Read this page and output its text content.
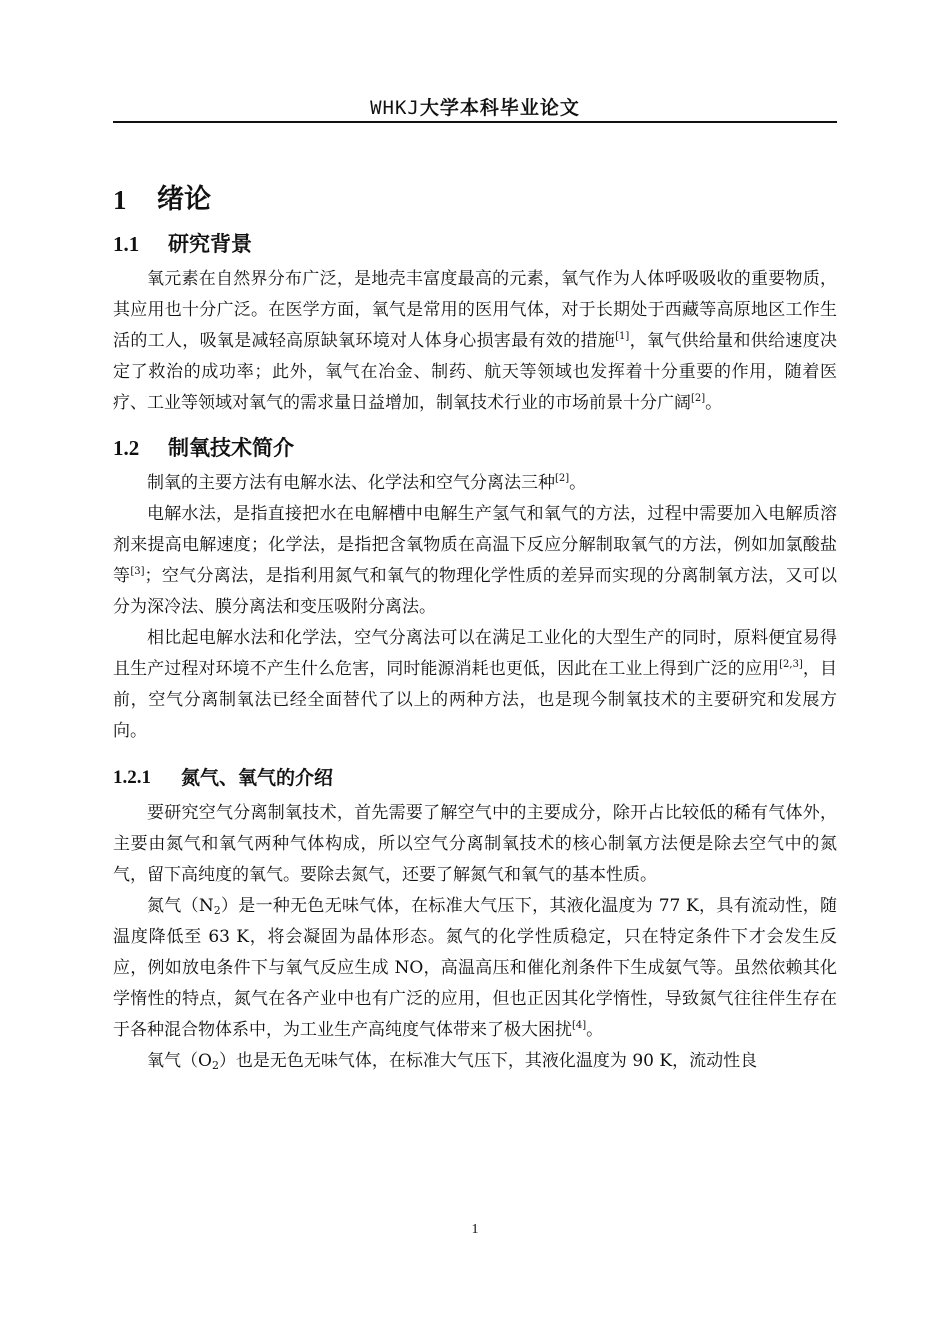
WHKJ大学本科毕业论文
1	绪论
1.1	研究背景

氧元素在自然界分布广泛，是地壳丰富度最高的元素，氧气作为人体呼吸吸收的重要物质，其应用也十分广泛。在医学方面，氧气是常用的医用气体，对于长期处于西藏等高原地区工作生活的工人，吸氧是减轻高原缺氧环境对人体身心损害最有效的措施[1]，氧气供给量和供给速度决定了救治的成功率；此外，氧气在冶金、制药、航天等领域也发挥着十分重要的作用，随着医疗、工业等领域对氧气的需求量日益增加，制氧技术行业的市场前景十分广阔[2]。

1.2	制氧技术简介

制氧的主要方法有电解水法、化学法和空气分离法三种[2]。

电解水法，是指直接把水在电解槽中电解生产氢气和氧气的方法，过程中需要加入电解质溶剂来提高电解速度；化学法，是指把含氧物质在高温下反应分解制取氧气的方法，例如加氯酸盐等[3]；空气分离法，是指利用氮气和氧气的物理化学性质的差异而实现的分离制氧方法，又可以分为深冷法、膜分离法和变压吸附分离法。

相比起电解水法和化学法，空气分离法可以在满足工业化的大型生产的同时，原料便宜易得且生产过程对环境不产生什么危害，同时能源消耗也更低，因此在工业上得到广泛的应用[2,3]，目前，空气分离制氧法已经全面替代了以上的两种方法，也是现今制氧技术的主要研究和发展方向。

1.2.1	氮气、氧气的介绍

要研究空气分离制氧技术，首先需要了解空气中的主要成分，除开占比较低的稀有气体外，主要由氮气和氧气两种气体构成，所以空气分离制氧技术的核心制氧方法便是除去空气中的氮气，留下高纯度的氧气。要除去氮气，还要了解氮气和氧气的基本性质。

氮气$(N_2)$是一种无色无味气体，在标准大气压下，其液化温度为 77 K，具有流动性，随温度降低至 63 K，将会凝固为晶体形态。氮气的化学性质稳定，只在特定条件下才会发生反应，例如放电条件下与氧气反应生成 NO，高温高压和催化剂条件下生成氨气等。虽然依赖其化学惰性的特点，氮气在各产业中也有广泛的应用，但也正因其化学惰性，导致氮气往往伴生存在于各种混合物体系中，为工业生产高纯度气体带来了极大困扰[4]。

氧气$(O_2)$也是无色无味气体，在标准大气压下，其液化温度为 90 K，流动性良

1
